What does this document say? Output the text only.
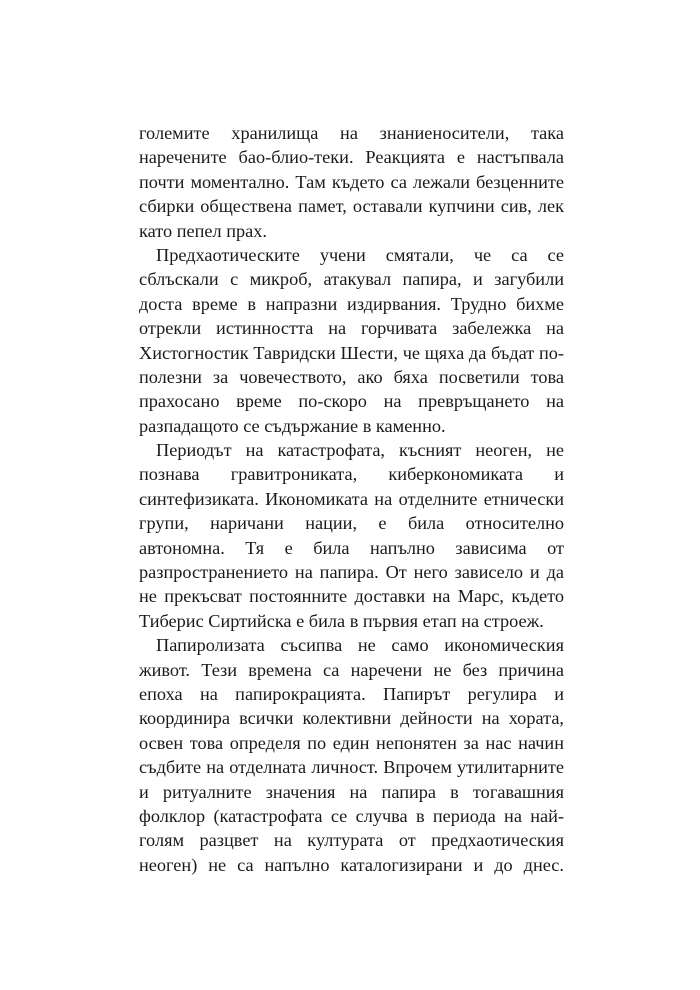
големите хранилища на знаниеносители, така
наречените бао-блио-теки. Реакцията е настъпвала
почти моментално. Там където са лежали безценните
сбирки обществена памет, оставали купчини сив, лек
като пепел прах.
Предхаотическите учени смятали, че са се
сблъскали с микроб, атакувал папира, и загубили
доста време в напразни издирвания. Трудно бихме
отрекли истинността на горчивата забележка на
Хистогностик Тавридски Шести, че щяха да бъдат по-
полезни за човечеството, ако бяха посветили това
прахосано време по-скоро на превръщането на
разпадащото се съдържание в каменно.
Периодът на катастрофата, късният неоген, не
познава гравитрониката, киберкономиката и
синтефизиката. Икономиката на отделните етнически
групи, наричани нации, е била относително
автономна. Тя е била напълно зависима от
разпространението на папира. От него зависело и да
не прекъсват постоянните доставки на Марс, където
Тиберис Сиртийска е била в първия етап на строеж.
Папиролизата съсипва не само икономическия
живот. Тези времена са наречени не без причина
епоха на папирокрацията. Папирът регулира и
координира всички колективни дейности на хората,
освен това определя по един непонятен за нас начин
съдбите на отделната личност. Впрочем утилитарните
и ритуалните значения на папира в тогавашния
фолклор (катастрофата се случва в периода на най-
голям разцвет на културата от предхаотическия
неоген) не са напълно каталогизирани и до днес.
